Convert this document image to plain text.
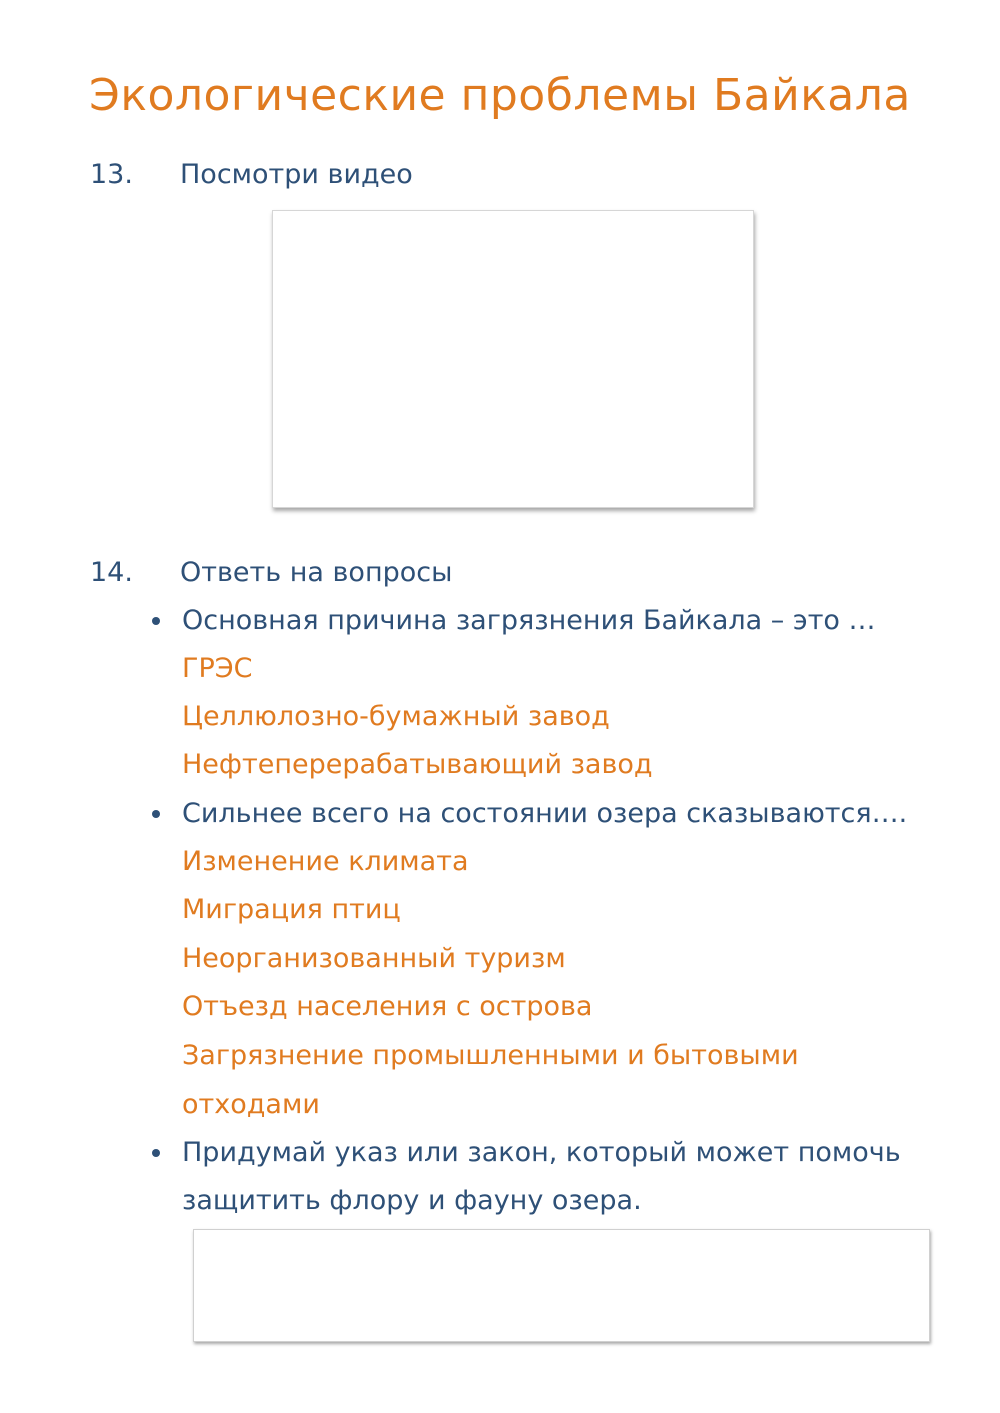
Экологические проблемы Байкала
13. Посмотри видео
14. Ответь на вопросы
Основная причина загрязнения Байкала – это …
ГРЭС
Целлюлозно-бумажный завод
Нефтеперерабатывающий завод
Сильнее всего на состоянии озера сказываются….
Изменение климата
Миграция птиц
Неорганизованный туризм
Отъезд населения с острова
Загрязнение промышленными и бытовыми
отходами
Придумай указ или закон, который может помочь
защитить флору и фауну озера.
